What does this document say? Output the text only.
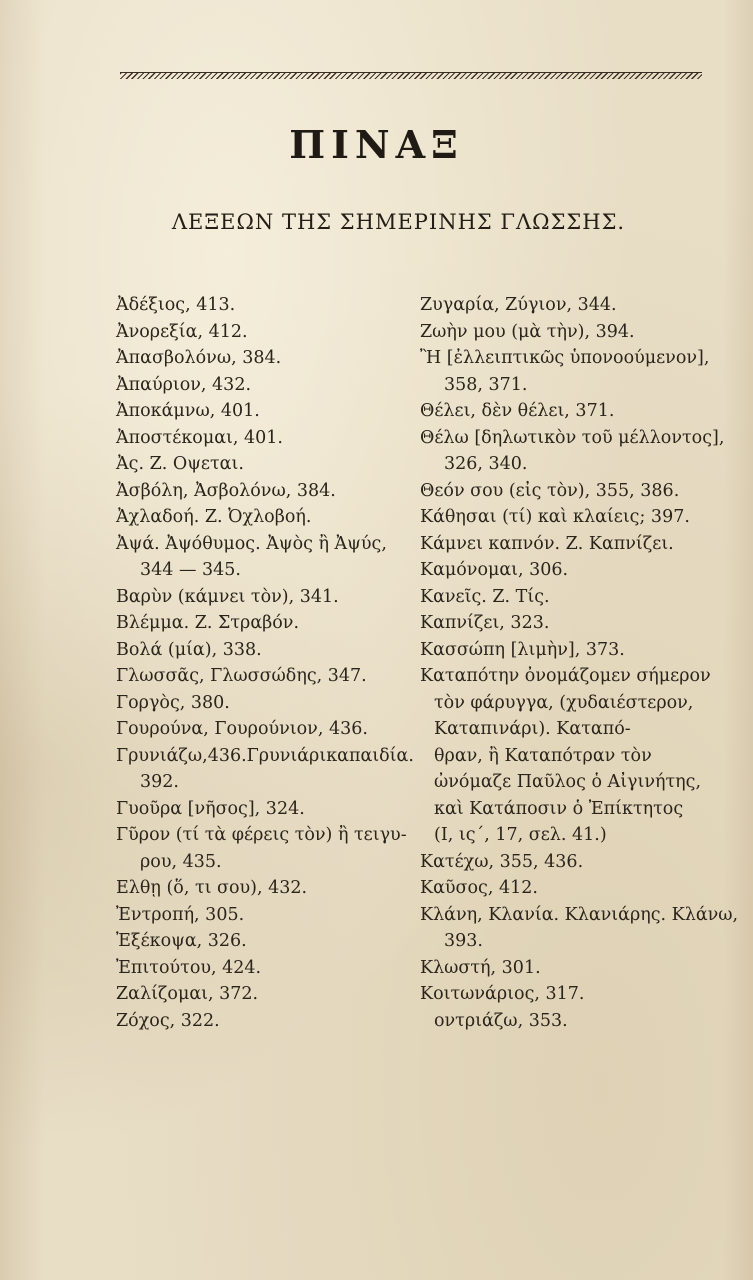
ΠΙΝΑΞ
ΛΕΞΕΩΝ ΤΗΣ ΣΗΜΕΡΙΝΗΣ ΓΛΩΣΣΗΣ.
Ἀδέξιος, 413.
Ἀνορεξία, 412.
Ἀπασβολόνω, 384.
Ἀπαύριον, 432.
Ἀποκάμνω, 401.
Ἀποστέκομαι, 401.
Ἀς. Ζ. Οψεται.
Ἀσβόλη, Ἀσβολόνω, 384.
Ἀχλαδοή. Ζ. Ὀχλοβοή.
Ἀψά. Ἀψόθυμος. Ἀψὸς ἢ Ἀψύς,
344 — 345.
Βαρὺν (κάμνει τὸν), 341.
Βλέμμα. Ζ. Στραβόν.
Βολά (μία), 338.
Γλωσσᾶς, Γλωσσώδης, 347.
Γοργὸς, 380.
Γουρούνα, Γουρούνιον, 436.
Γρυνιάζω,436.Γρυνιάρικαπαιδία.
392.
Γυοῦρα [νῆσος], 324.
Γῦρον (τί τὰ φέρεις τὸν) ἢ τειγυ-
ρου, 435.
Ελθῃ (ὅ, τι σου), 432.
Ἐντροπή, 305.
Ἐξέκοψα, 326.
Ἐπιτούτου, 424.
Ζαλίζομαι, 372.
Ζόχος, 322.
Ζυγαρία, Ζύγιον, 344.
Ζωὴν μου (μὰ τὴν), 394.
Ἢ [ἐλλειπτικῶς ὑπονοούμενον],
358, 371.
Θέλει, δὲν θέλει, 371.
Θέλω [δηλωτικὸν τοῦ μέλλοντος],
326, 340.
Θεόν σου (εἰς τὸν), 355, 386.
Κάθησαι (τί) καὶ κλαίεις; 397.
Κάμνει καπνόν. Ζ. Καπνίζει.
Καμόνομαι, 306.
Κανεῖς. Ζ. Τίς.
Καπνίζει, 323.
Κασσώπη [λιμὴν], 373.
Καταπότην ὀνομάζομεν σήμερον
τὸν φάρυγγα, (χυδαιέστερον,
Καταπινάρι). Καταπό-
θραν, ἢ Καταπότραν τὸν
ὠνόμαζε Παῦλος ὁ Αἰγινήτης,
καὶ Κατάποσιν ὁ Ἐπίκτητος
(Ι, ις´, 17, σελ. 41.)
Κατέχω, 355, 436.
Καῦσος, 412.
Κλάνη, Κλανία. Κλανιάρης. Κλάνω,
393.
Κλωστή, 301.
Κοιτωνάριος, 317.
οντριάζω, 353.
